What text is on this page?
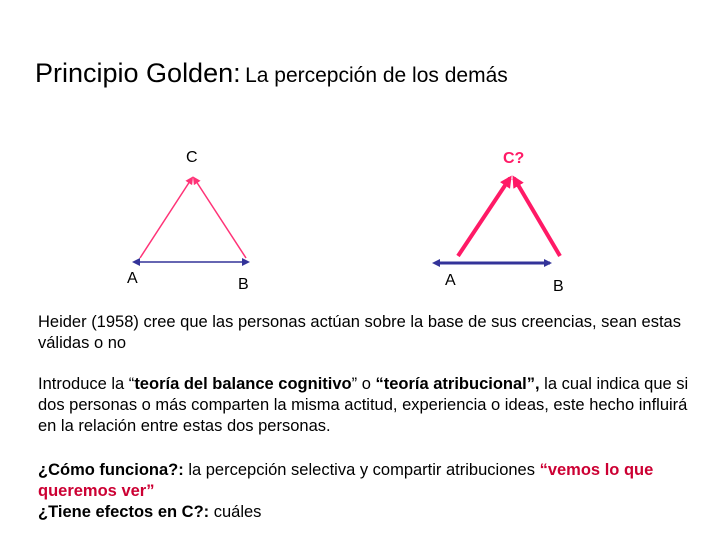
Principio Golden: La percepción de los demás
C
A	B
C?
A	B
Heider (1958) cree que las personas actúan sobre la base de sus creencias, sean estas válidas o no
Introduce la “teoría del balance cognitivo” o “teoría atribucional”, la cual indica que si dos personas o más comparten la misma actitud, experiencia o ideas, este hecho influirá en la relación entre estas dos personas.
¿Cómo funciona?: la percepción selectiva y compartir atribuciones “vemos lo que queremos ver”
¿Tiene efectos en C?: cuáles
